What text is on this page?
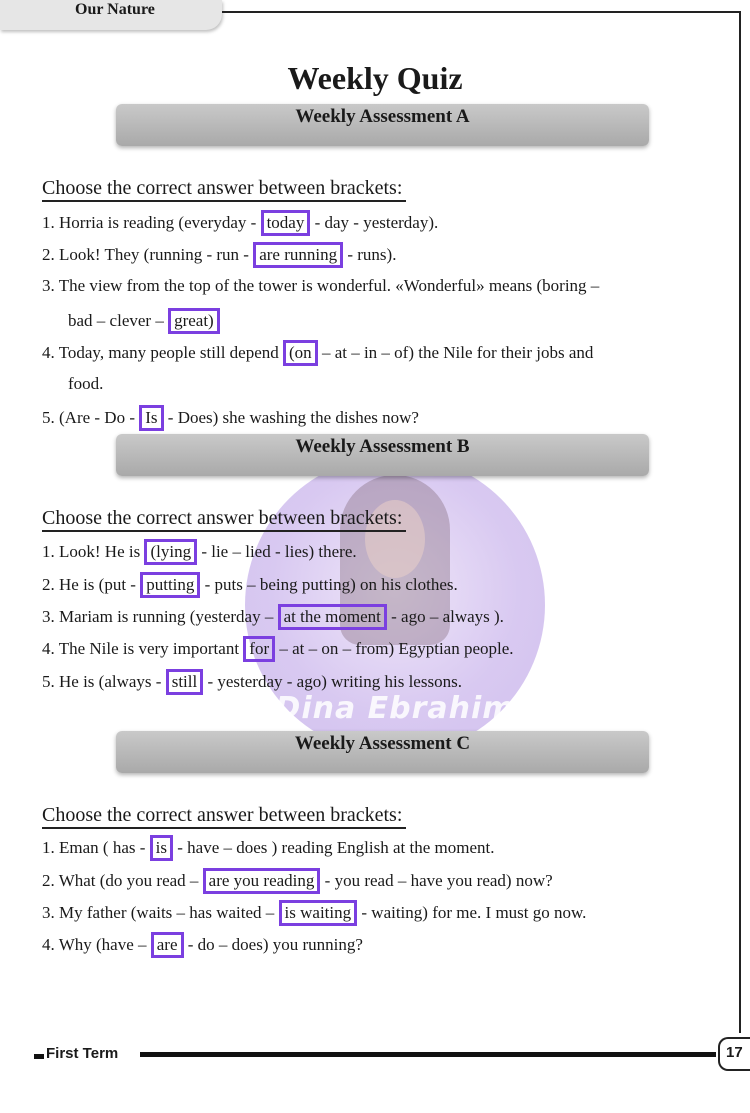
Our Nature
Dina Ebrahim
Weekly Quiz
Weekly Assessment A
Choose the correct answer between brackets:
1. Horria is reading (everyday - today - day - yesterday).
2. Look! They (running - run - are running - runs).
3. The view from the top of the tower is wonderful. «Wonderful» means (boring –
bad – clever – great)
4. Today, many people still depend (on – at – in – of) the Nile for their jobs and
food.
5. (Are - Do - Is - Does) she washing the dishes now?
Weekly Assessment B
Choose the correct answer between brackets:
1. Look! He is (lying - lie – lied - lies) there.
2. He is (put - putting - puts – being putting) on his clothes.
3. Mariam is running (yesterday – at the moment - ago – always ).
4. The Nile is very important for – at – on – from) Egyptian people.
5. He is (always - still - yesterday - ago) writing his lessons.
Weekly Assessment C
Choose the correct answer between brackets:
1. Eman ( has - is - have – does ) reading English at the moment.
2. What (do you read – are you reading - you read – have you read) now?
3. My father (waits – has waited – is waiting - waiting) for me. I must go now.
4. Why (have – are - do – does) you running?
First Term	17
